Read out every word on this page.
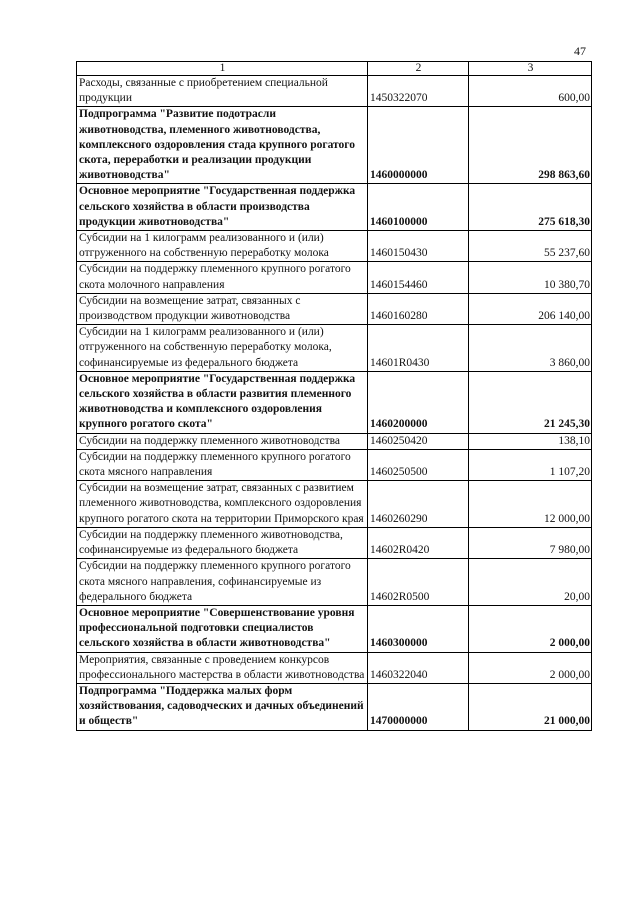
47
1	2	3
Расходы, связанные с приобретением специальной продукции	1450322070	600,00
Подпрограмма "Развитие подотрасли животноводства, племенного животноводства, комплексного оздоровления стада крупного рогатого скота, переработки и реализации продукции животноводства"	1460000000	298 863,60
Основное мероприятие "Государственная поддержка сельского хозяйства в области производства продукции животноводства"	1460100000	275 618,30
Субсидии на 1 килограмм реализованного и (или) отгруженного на собственную переработку молока	1460150430	55 237,60
Субсидии на поддержку племенного крупного рогатого скота молочного направления	1460154460	10 380,70
Субсидии на возмещение затрат, связанных с производством продукции животноводства	1460160280	206 140,00
Субсидии на 1 килограмм реализованного и (или) отгруженного на собственную переработку молока, софинансируемые из федерального бюджета	14601R0430	3 860,00
Основное мероприятие "Государственная поддержка сельского хозяйства в области развития племенного животноводства и комплексного оздоровления крупного рогатого скота"	1460200000	21 245,30
Субсидии на поддержку племенного животноводства	1460250420	138,10
Субсидии на поддержку племенного крупного рогатого скота мясного направления	1460250500	1 107,20
Субсидии на возмещение затрат, связанных с развитием племенного животноводства, комплексного оздоровления крупного рогатого скота на территории Приморского края	1460260290	12 000,00
Субсидии на поддержку племенного животноводства, софинансируемые из федерального бюджета	14602R0420	7 980,00
Субсидии на поддержку племенного крупного рогатого скота мясного направления, софинансируемые из федерального бюджета	14602R0500	20,00
Основное мероприятие "Совершенствование уровня профессиональной подготовки специалистов сельского хозяйства в области животноводства"	1460300000	2 000,00
Мероприятия, связанные с проведением конкурсов профессионального мастерства в области животноводства	1460322040	2 000,00
Подпрограмма "Поддержка малых форм хозяйствования, садоводческих и дачных объединений и обществ"	1470000000	21 000,00
